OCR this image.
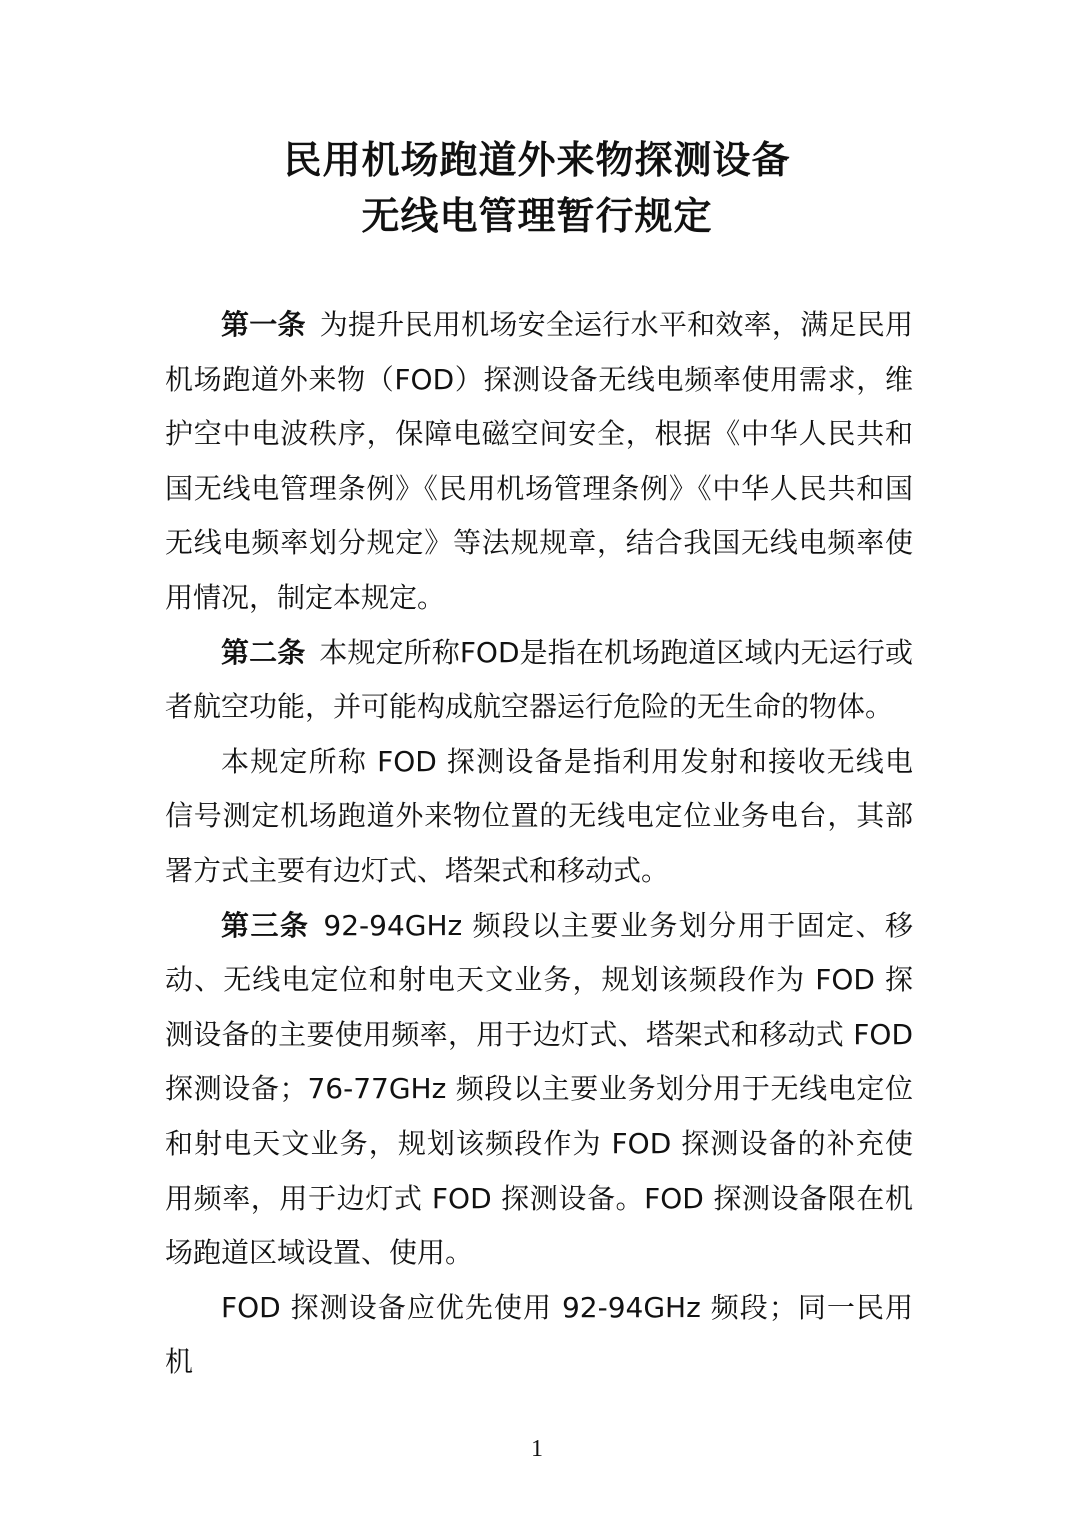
民用机场跑道外来物探测设备
无线电管理暂行规定

第一条 为提升民用机场安全运行水平和效率，满足民用机场跑道外来物（FOD）探测设备无线电频率使用需求，维护空中电波秩序，保障电磁空间安全，根据《中华人民共和国无线电管理条例》《民用机场管理条例》《中华人民共和国无线电频率划分规定》等法规规章，结合我国无线电频率使用情况，制定本规定。

第二条 本规定所称FOD是指在机场跑道区域内无运行或者航空功能，并可能构成航空器运行危险的无生命的物体。

本规定所称 FOD 探测设备是指利用发射和接收无线电信号测定机场跑道外来物位置的无线电定位业务电台，其部署方式主要有边灯式、塔架式和移动式。

第三条 92-94GHz 频段以主要业务划分用于固定、移动、无线电定位和射电天文业务，规划该频段作为 FOD 探测设备的主要使用频率，用于边灯式、塔架式和移动式 FOD 探测设备；76-77GHz 频段以主要业务划分用于无线电定位和射电天文业务，规划该频段作为 FOD 探测设备的补充使用频率，用于边灯式 FOD 探测设备。FOD 探测设备限在机场跑道区域设置、使用。

FOD 探测设备应优先使用 92-94GHz 频段；同一民用机

1
